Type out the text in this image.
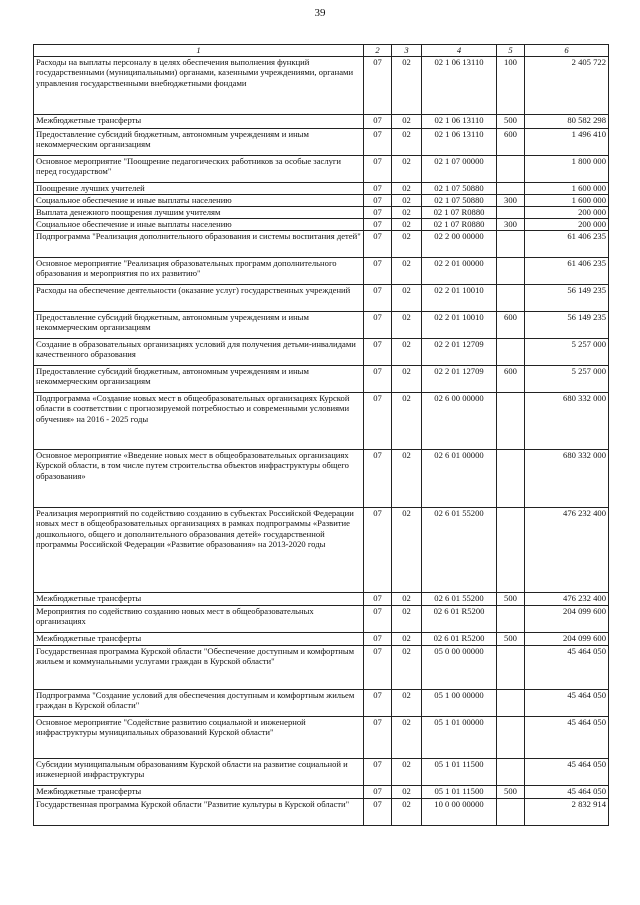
39
1	2	3	4	5	6
Расходы на выплаты персоналу в целях обеспечения выполнения функций государственными (муниципальными) органами, казенными учреждениями, органами управления государственными внебюджетными фондами	07	02	02 1 06 13110	100	2 405 722
Межбюджетные трансферты	07	02	02 1 06 13110	500	80 582 298
Предоставление субсидий бюджетным, автономным учреждениям и иным некоммерческим организациям	07	02	02 1 06 13110	600	1 496 410
Основное мероприятие "Поощрение педагогических работников за особые заслуги перед государством"	07	02	02 1 07 00000		1 800 000
Поощрение лучших учителей	07	02	02 1 07 50880		1 600 000
Социальное обеспечение и иные выплаты населению	07	02	02 1 07 50880	300	1 600 000
Выплата денежного поощрения лучшим учителям	07	02	02 1 07 R0880		200 000
Социальное обеспечение и иные выплаты населению	07	02	02 1 07 R0880	300	200 000
Подпрограмма "Реализация дополнительного образования и системы воспитания детей"	07	02	02 2 00 00000		61 406 235
Основное мероприятие "Реализация образовательных программ дополнительного образования и мероприятия по их развитию"	07	02	02 2 01 00000		61 406 235
Расходы на обеспечение деятельности (оказание услуг) государственных учреждений	07	02	02 2 01 10010		56 149 235
Предоставление субсидий бюджетным, автономным учреждениям и иным некоммерческим организациям	07	02	02 2 01 10010	600	56 149 235
Создание в образовательных организациях условий для получения детьми-инвалидами качественного образования	07	02	02 2 01 12709		5 257 000
Предоставление субсидий бюджетным, автономным учреждениям и иным некоммерческим организациям	07	02	02 2 01 12709	600	5 257 000
Подпрограмма «Создание новых мест в общеобразовательных организациях Курской области в соответствии с прогнозируемой потребностью и современными условиями обучения» на 2016 - 2025 годы	07	02	02 6 00 00000		680 332 000
Основное мероприятие «Введение новых мест в общеобразовательных организациях Курской области, в том числе путем строительства объектов инфраструктуры общего образования»	07	02	02 6 01 00000		680 332 000
Реализация мероприятий по содействию созданию в субъектах Российской Федерации новых мест в общеобразовательных организациях в рамках подпрограммы «Развитие дошкольного, общего и дополнительного образования детей» государственной программы Российской Федерации «Развитие образования» на 2013-2020 годы	07	02	02 6 01 55200		476 232 400
Межбюджетные трансферты	07	02	02 6 01 55200	500	476 232 400
Мероприятия по содействию созданию новых мест в общеобразовательных организациях	07	02	02 6 01 R5200		204 099 600
Межбюджетные трансферты	07	02	02 6 01 R5200	500	204 099 600
Государственная программа Курской области "Обеспечение доступным и комфортным жильем и коммунальными услугами граждан в Курской области"	07	02	05 0 00 00000		45 464 050
Подпрограмма "Создание условий для обеспечения доступным и комфортным жильем граждан в Курской области"	07	02	05 1 00 00000		45 464 050
Основное мероприятие "Содействие развитию социальной и инженерной инфраструктуры муниципальных образований Курской области"	07	02	05 1 01 00000		45 464 050
Субсидии муниципальным образованиям Курской области на развитие социальной и инженерной инфраструктуры	07	02	05 1 01 11500		45 464 050
Межбюджетные трансферты	07	02	05 1 01 11500	500	45 464 050
Государственная программа Курской области "Развитие культуры в Курской области"	07	02	10 0 00 00000		2 832 914
